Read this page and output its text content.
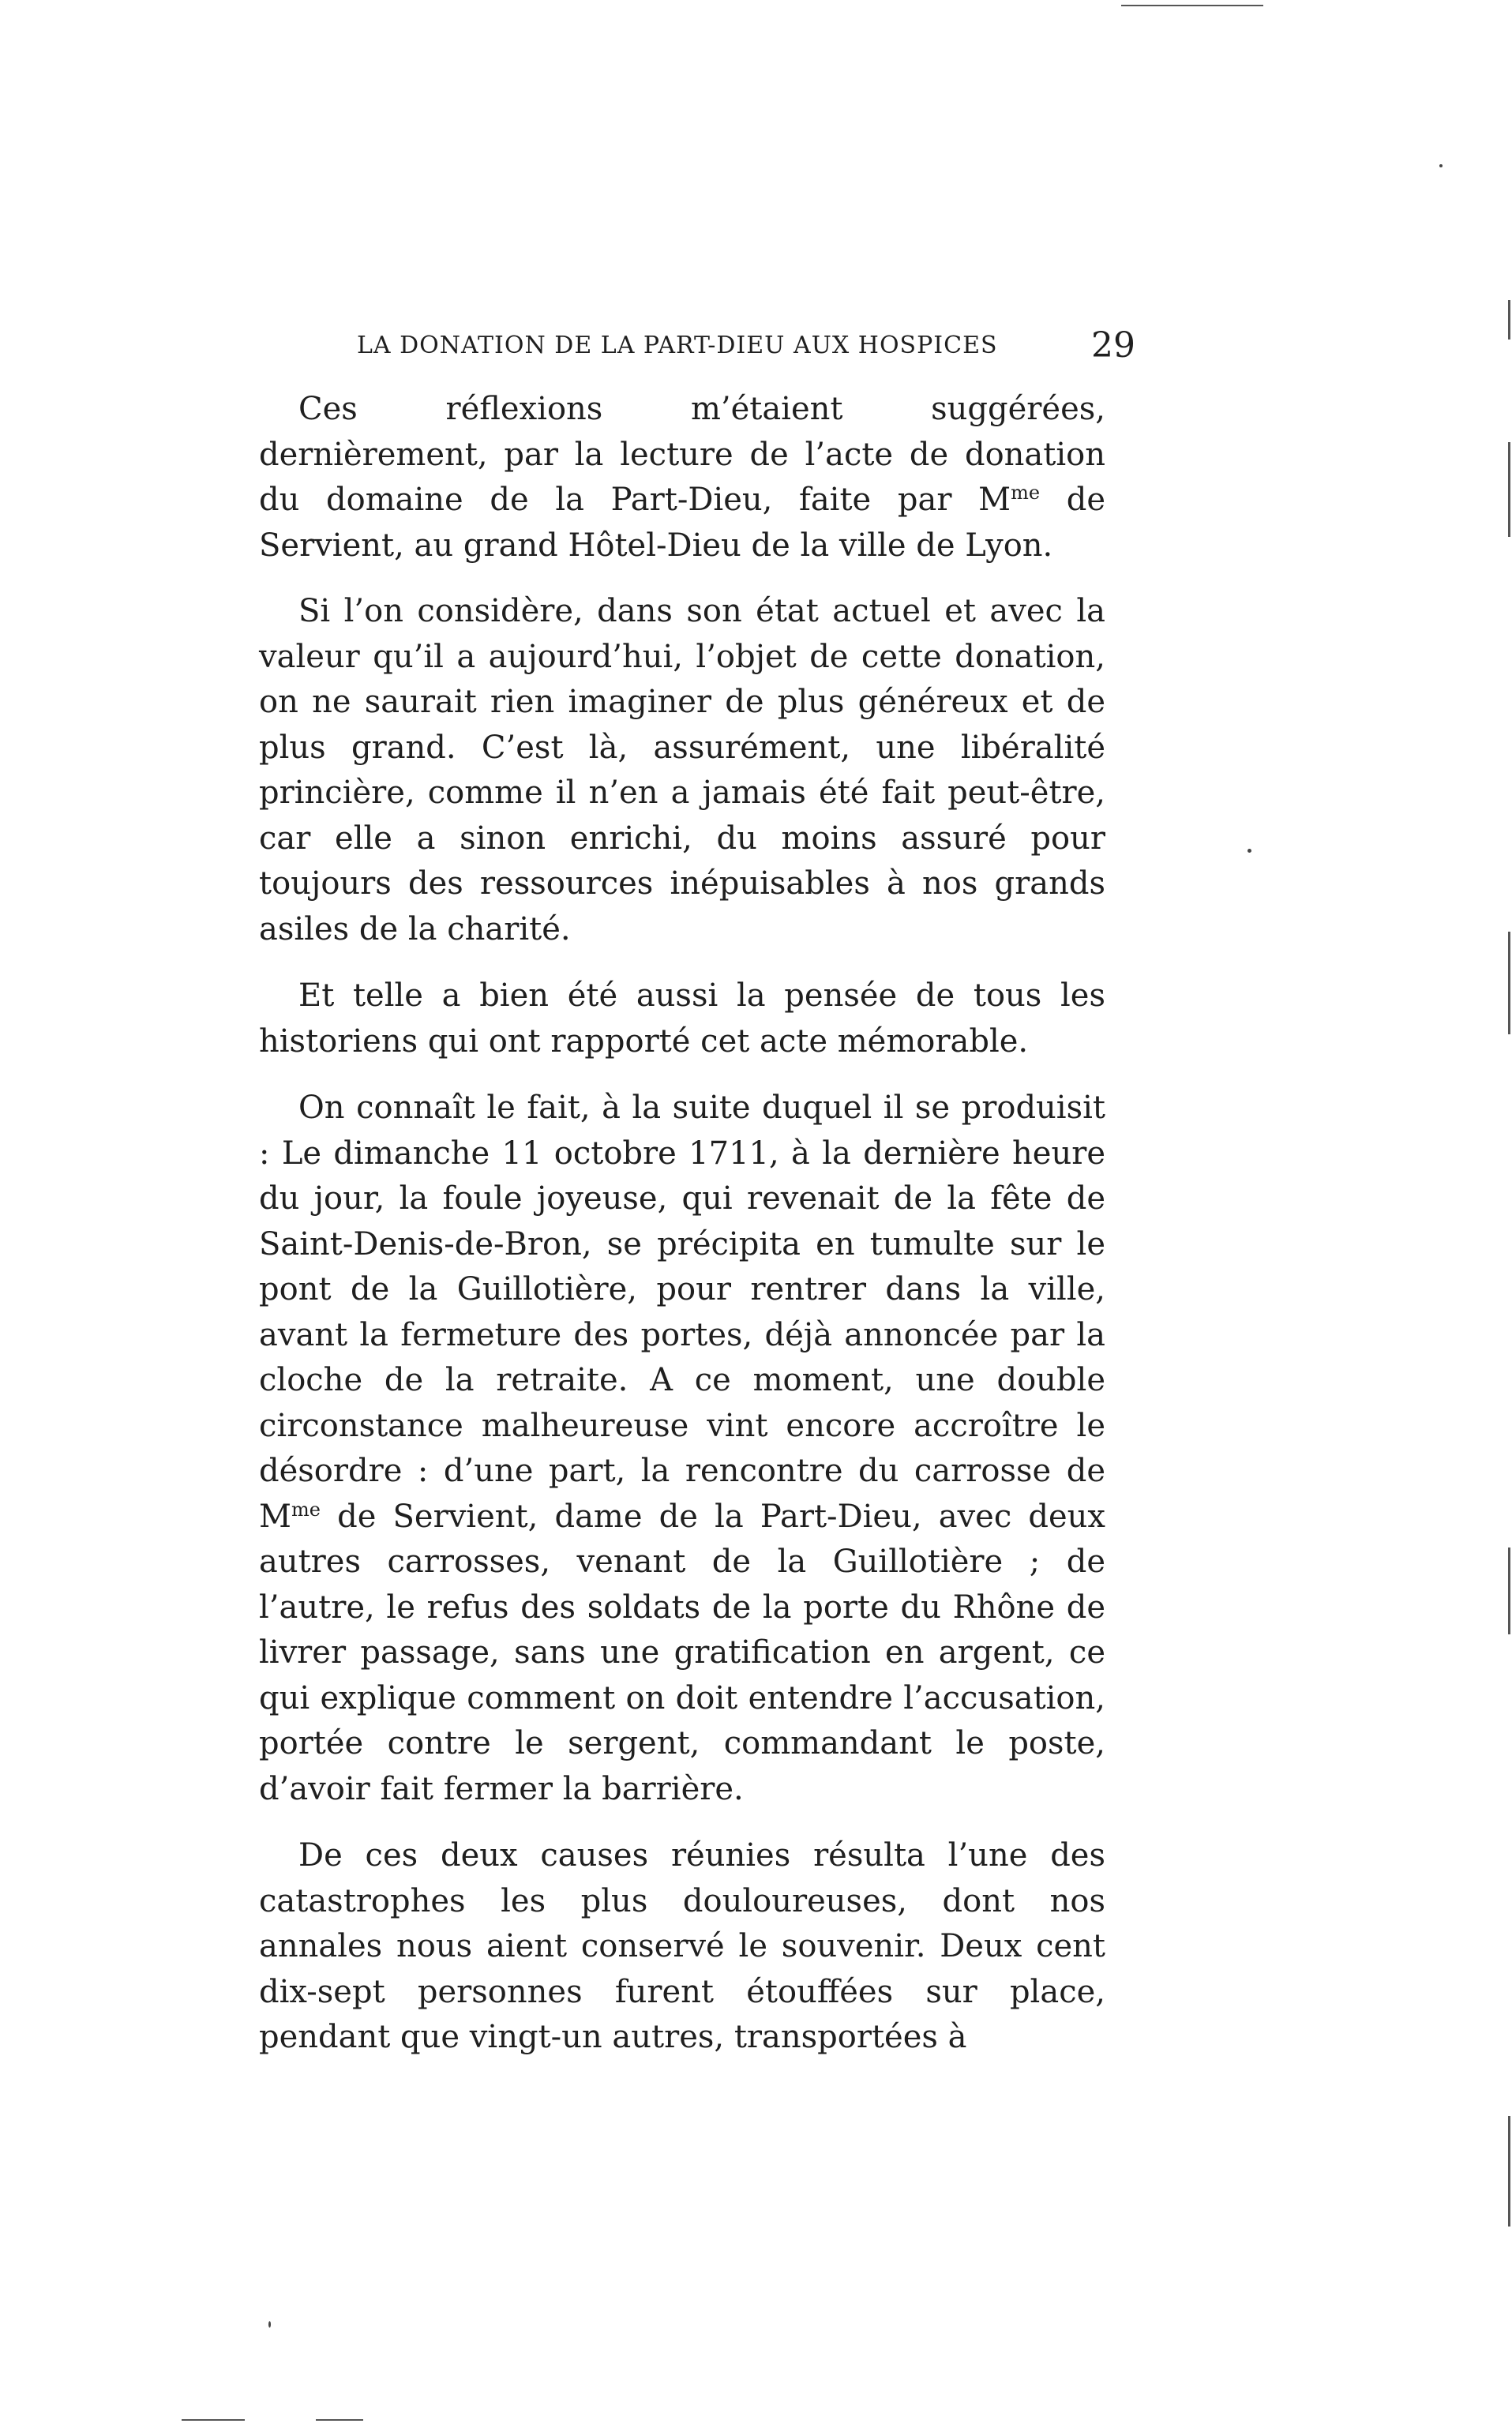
LA DONATION DE LA PART-DIEU AUX HOSPICES	29

Ces réflexions m’étaient suggérées, dernièrement, par la lecture de l’acte de donation du domaine de la Part-Dieu, faite par $M^{me}$ de Servient, au grand Hôtel-Dieu de la ville de Lyon.

Si l’on considère, dans son état actuel et avec la valeur qu’il a aujourd’hui, l’objet de cette donation, on ne saurait rien imaginer de plus généreux et de plus grand. C’est là, assurément, une libéralité princière, comme il n’en a jamais été fait peut-être, car elle a sinon enrichi, du moins assuré pour toujours des ressources inépuisables à nos grands asiles de la charité.

Et telle a bien été aussi la pensée de tous les historiens qui ont rapporté cet acte mémorable.

On connaît le fait, à la suite duquel il se produisit : Le dimanche 11 octobre 1711, à la dernière heure du jour, la foule joyeuse, qui revenait de la fête de Saint-Denis-de-Bron, se précipita en tumulte sur le pont de la Guillotière, pour rentrer dans la ville, avant la fermeture des portes, déjà annoncée par la cloche de la retraite. A ce moment, une double circonstance malheureuse vint encore accroître le désordre : d’une part, la rencontre du carrosse de $M^{me}$ de Servient, dame de la Part-Dieu, avec deux autres carrosses, venant de la Guillotière ; de l’autre, le refus des soldats de la porte du Rhône de livrer passage, sans une gratification en argent, ce qui explique comment on doit entendre l’accusation, portée contre le sergent, commandant le poste, d’avoir fait fermer la barrière.

De ces deux causes réunies résulta l’une des catastrophes les plus douloureuses, dont nos annales nous aient conservé le souvenir. Deux cent dix-sept personnes furent étouffées sur place, pendant que vingt-un autres, transportées à
